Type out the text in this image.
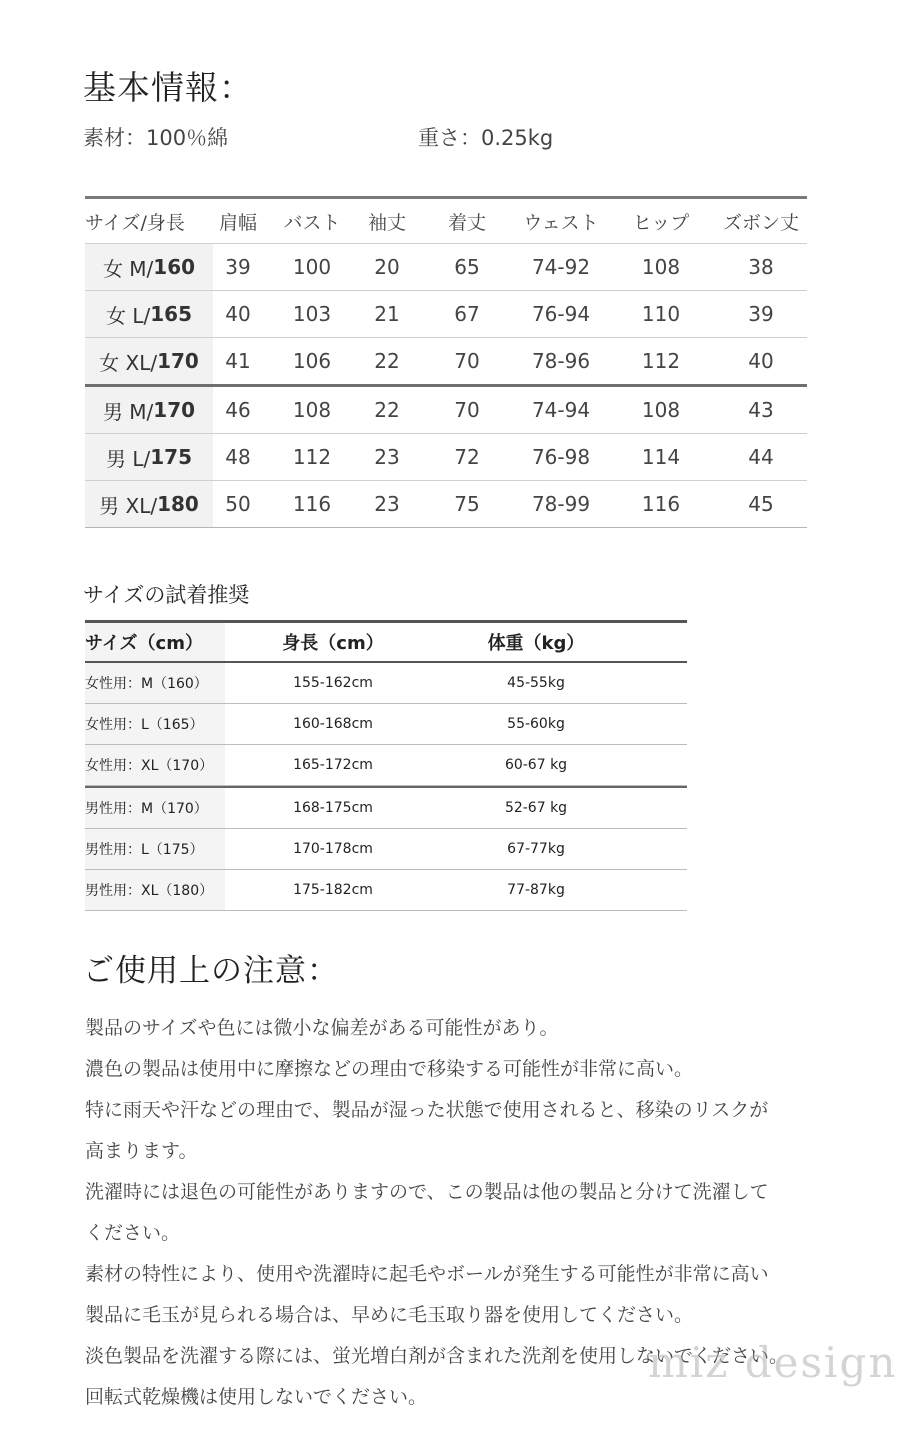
基本情報：
素材：100％綿	重さ：0.25kg
サイズ/身長	肩幅	バスト	袖丈	着丈	ウェスト	ヒップ	ズボン丈
女 M/ 160	39	100	20	65	74-92	108	38
女 L/ 165	40	103	21	67	76-94	110	39
女 XL/ 170	41	106	22	70	78-96	112	40
男 M/ 170	46	108	22	70	74-94	108	43
男 L/ 175	48	112	23	72	76-98	114	44
男 XL/ 180	50	116	23	75	78-99	116	45
サイズの試着推奨
サイズ（cm）	身長（cm）	体重（kg）
女性用：M（160）	155-162cm	45-55kg
女性用：L（165）	160-168cm	55-60kg
女性用：XL（170）	165-172cm	60-67 kg
男性用：M（170）	168-175cm	52-67 kg
男性用：L（175）	170-178cm	67-77kg
男性用：XL（180）	175-182cm	77-87kg
ご使用上の注意：

製品のサイズや色には微小な偏差がある可能性があり。

濃色の製品は使用中に摩擦などの理由で移染する可能性が非常に高い。

特に雨天や汗などの理由で、製品が湿った状態で使用されると、移染のリスクが

高まります。

洗濯時には退色の可能性がありますので、この製品は他の製品と分けて洗濯して

ください。

素材の特性により、使用や洗濯時に起毛やボールが発生する可能性が非常に高い

製品に毛玉が見られる場合は、早めに毛玉取り器を使用してください。

淡色製品を洗濯する際には、蛍光増白剤が含まれた洗剤を使用しないでください。

回転式乾燥機は使用しないでください。

miz design
